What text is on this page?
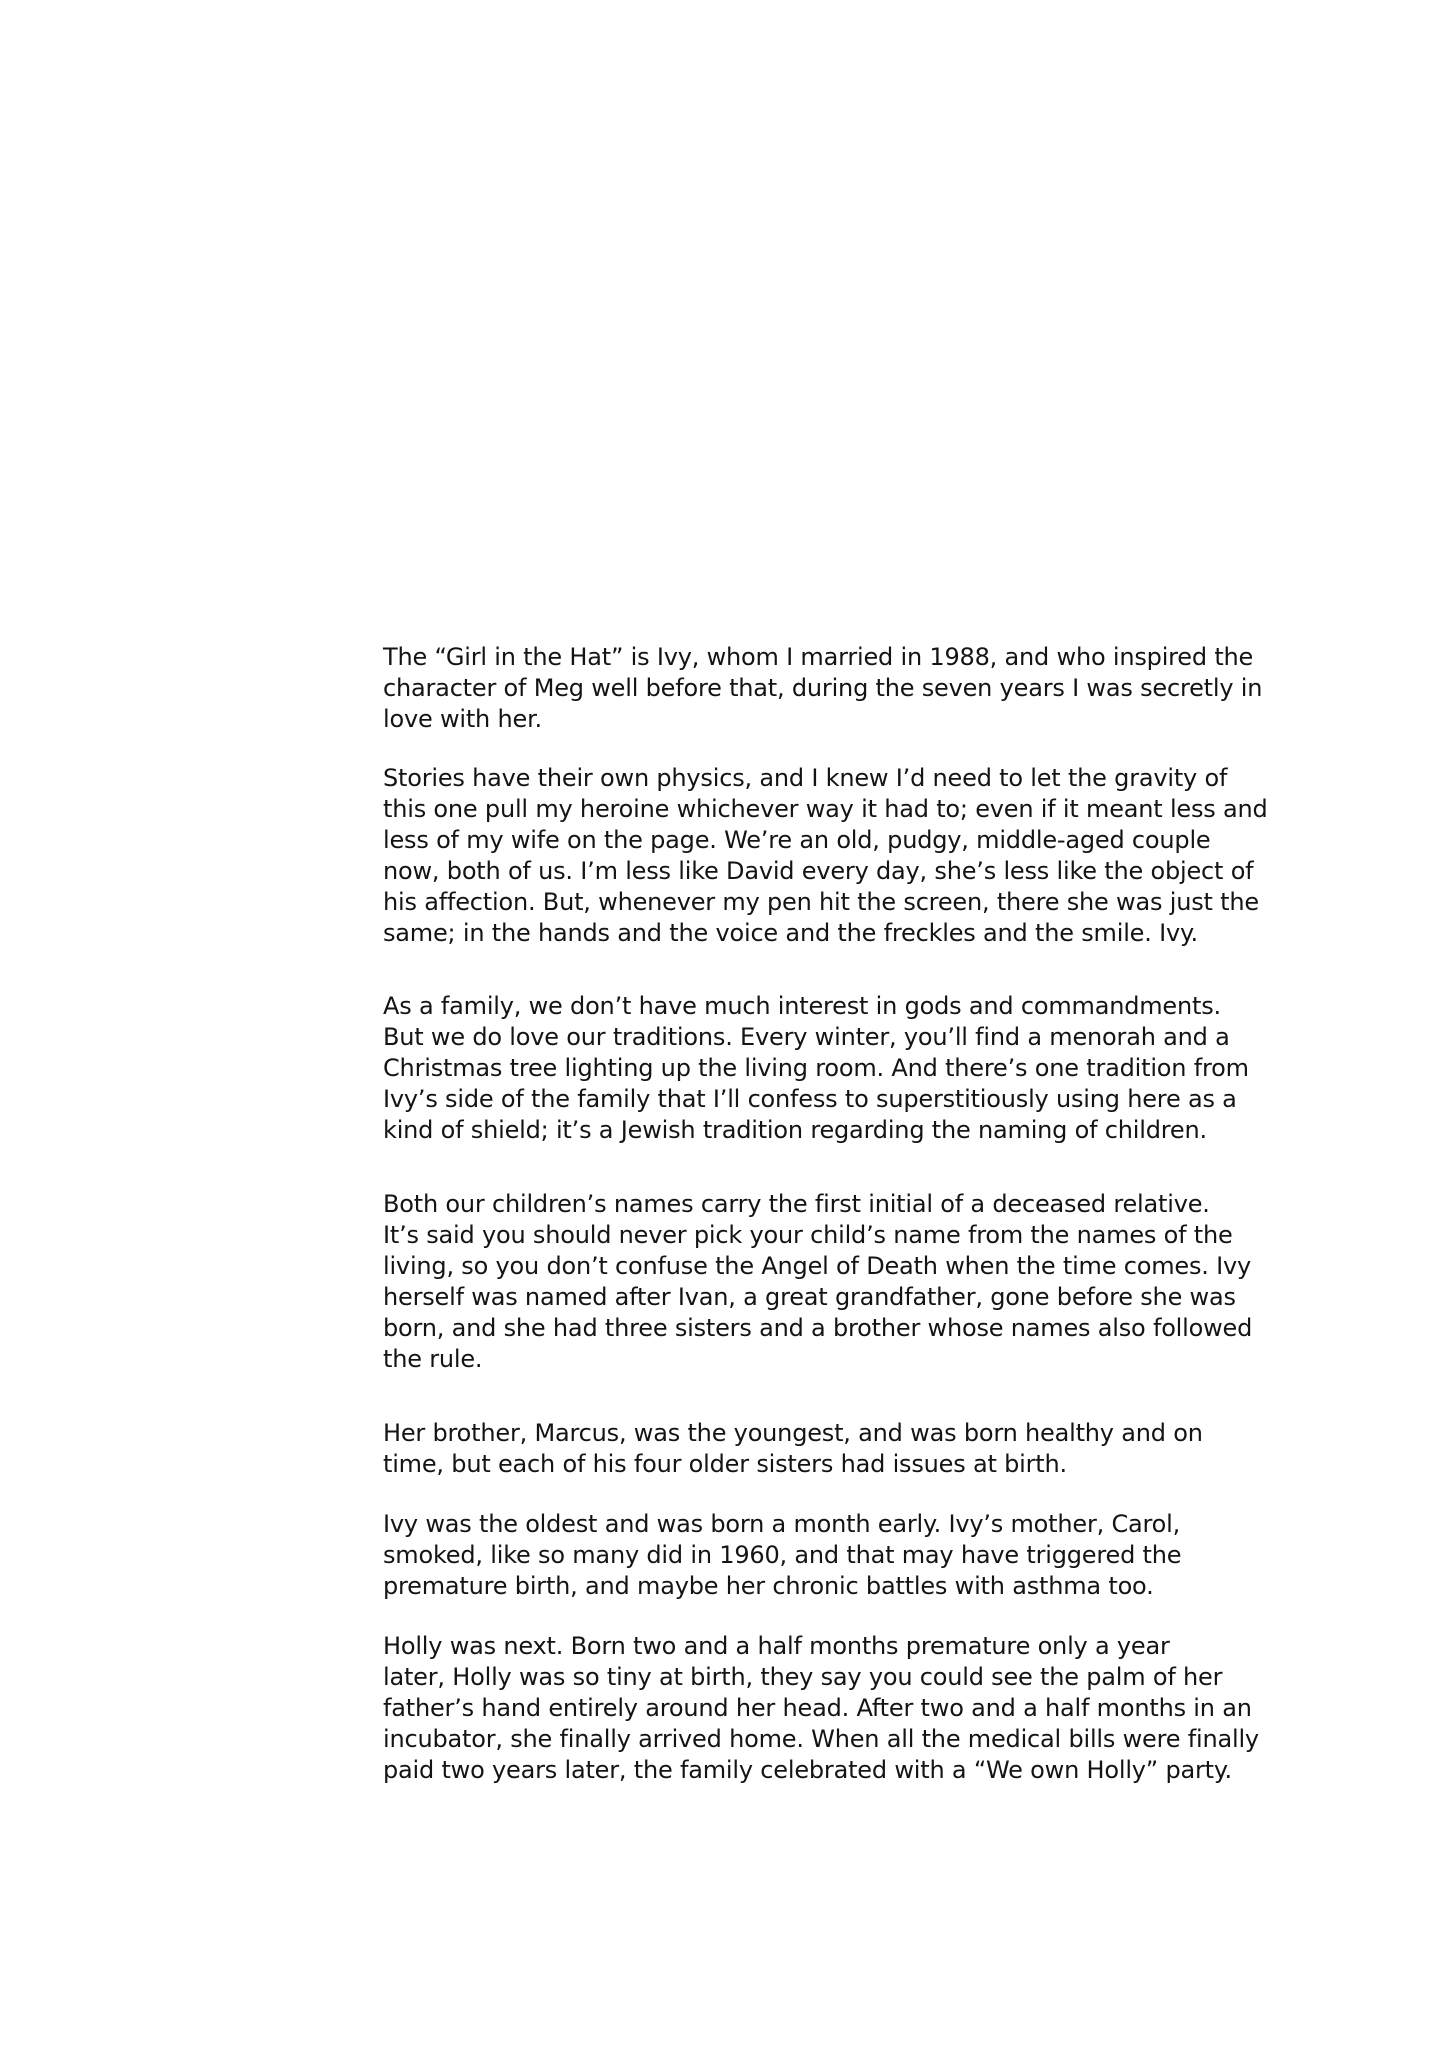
The “Girl in the Hat” is Ivy, whom I married in 1988, and who inspired the
character of Meg well before that, during the seven years I was secretly in
love with her.

Stories have their own physics, and I knew I’d need to let the gravity of
this one pull my heroine whichever way it had to; even if it meant less and
less of my wife on the page. We’re an old, pudgy, middle-aged couple
now, both of us. I’m less like David every day, she’s less like the object of
his affection. But, whenever my pen hit the screen, there she was just the
same; in the hands and the voice and the freckles and the smile. Ivy.

As a family, we don’t have much interest in gods and commandments.
But we do love our traditions. Every winter, you’ll find a menorah and a
Christmas tree lighting up the living room. And there’s one tradition from
Ivy’s side of the family that I’ll confess to superstitiously using here as a
kind of shield; it’s a Jewish tradition regarding the naming of children.

Both our children’s names carry the first initial of a deceased relative.
It’s said you should never pick your child’s name from the names of the
living, so you don’t confuse the Angel of Death when the time comes. Ivy
herself was named after Ivan, a great grandfather, gone before she was
born, and she had three sisters and a brother whose names also followed
the rule.

Her brother, Marcus, was the youngest, and was born healthy and on
time, but each of his four older sisters had issues at birth.

Ivy was the oldest and was born a month early. Ivy’s mother, Carol,
smoked, like so many did in 1960, and that may have triggered the
premature birth, and maybe her chronic battles with asthma too.

Holly was next. Born two and a half months premature only a year
later, Holly was so tiny at birth, they say you could see the palm of her
father’s hand entirely around her head. After two and a half months in an
incubator, she finally arrived home. When all the medical bills were finally
paid two years later, the family celebrated with a “We own Holly” party.
